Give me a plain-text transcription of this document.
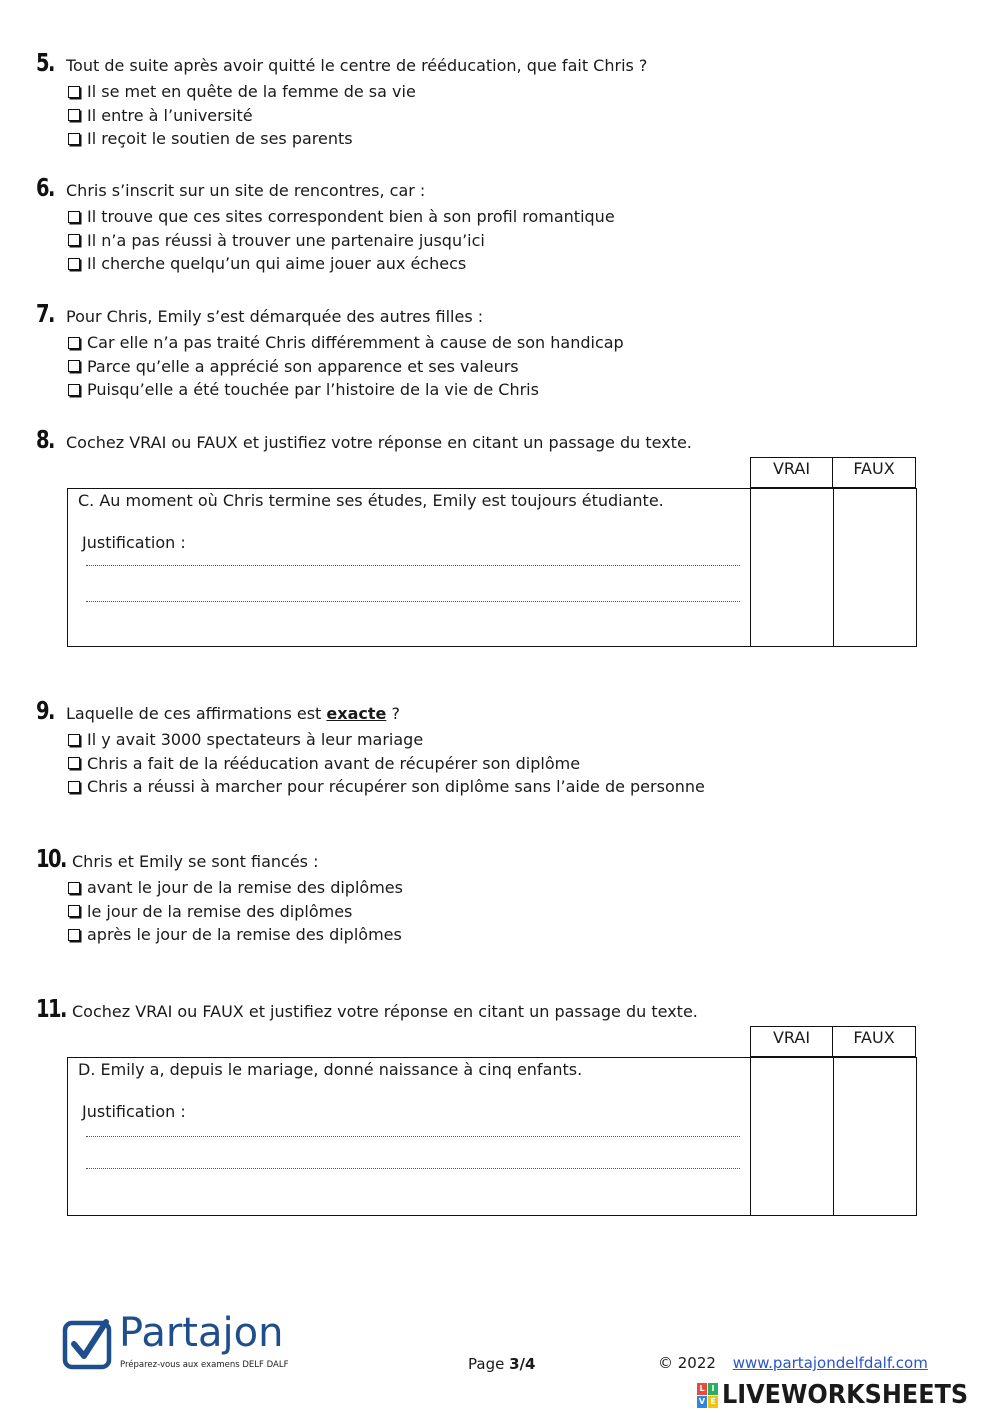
5. Tout de suite après avoir quitté le centre de rééducation, que fait Chris ?
Il se met en quête de la femme de sa vie
Il entre à l’université
Il reçoit le soutien de ses parents
6. Chris s’inscrit sur un site de rencontres, car :
Il trouve que ces sites correspondent bien à son profil romantique
Il n’a pas réussi à trouver une partenaire jusqu’ici
Il cherche quelqu’un qui aime jouer aux échecs
7. Pour Chris, Emily s’est démarquée des autres filles :
Car elle n’a pas traité Chris différemment à cause de son handicap
Parce qu’elle a apprécié son apparence et ses valeurs
Puisqu’elle a été touchée par l’histoire de la vie de Chris
8. Cochez VRAI ou FAUX et justifiez votre réponse en citant un passage du texte.
VRAI	FAUX
C. Au moment où Chris termine ses études, Emily est toujours étudiante.
Justification :
9. Laquelle de ces affirmations est exacte ?
Il y avait 3000 spectateurs à leur mariage
Chris a fait de la rééducation avant de récupérer son diplôme
Chris a réussi à marcher pour récupérer son diplôme sans l’aide de personne
10. Chris et Emily se sont fiancés :
avant le jour de la remise des diplômes
le jour de la remise des diplômes
après le jour de la remise des diplômes
11. Cochez VRAI ou FAUX et justifiez votre réponse en citant un passage du texte.
VRAI	FAUX
D. Emily a, depuis le mariage, donné naissance à cinq enfants.
Justification :
Partajon
Préparez-vous aux examens DELF DALF	Page 3/4	© 2022 www.partajondelfdalf.com
L I
V E LIVEWORKSHEETS
